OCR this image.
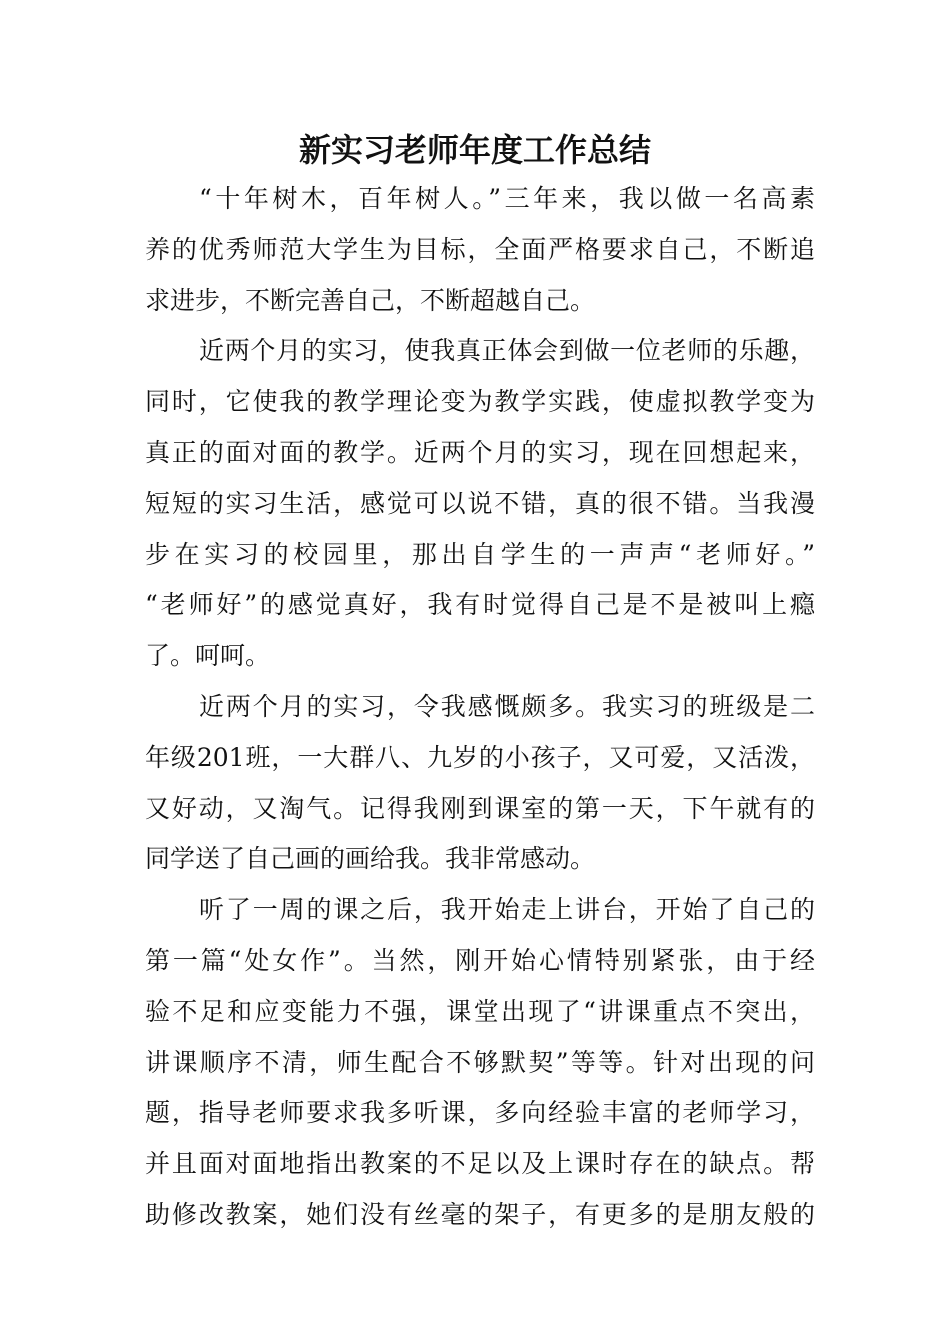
新实习老师年度工作总结
“十年树木，百年树人。”三年来，我以做一名高素
养的优秀师范大学生为目标，全面严格要求自己，不断追
求进步，不断完善自己，不断超越自己。
近两个月的实习，使我真正体会到做一位老师的乐趣，
同时，它使我的教学理论变为教学实践，使虚拟教学变为
真正的面对面的教学。近两个月的实习，现在回想起来，
短短的实习生活，感觉可以说不错，真的很不错。当我漫
步在实习的校园里，那出自学生的一声声“老师好。”
“老师好”的感觉真好，我有时觉得自己是不是被叫上瘾
了。呵呵。
近两个月的实习，令我感慨颇多。我实习的班级是二
年级201班，一大群八、九岁的小孩子，又可爱，又活泼，
又好动，又淘气。记得我刚到课室的第一天，下午就有的
同学送了自己画的画给我。我非常感动。
听了一周的课之后，我开始走上讲台，开始了自己的
第一篇“处女作”。当然，刚开始心情特别紧张，由于经
验不足和应变能力不强，课堂出现了“讲课重点不突出，
讲课顺序不清，师生配合不够默契”等等。针对出现的问
题，指导老师要求我多听课，多向经验丰富的老师学习，
并且面对面地指出教案的不足以及上课时存在的缺点。帮
助修改教案，她们没有丝毫的架子，有更多的是朋友般的
